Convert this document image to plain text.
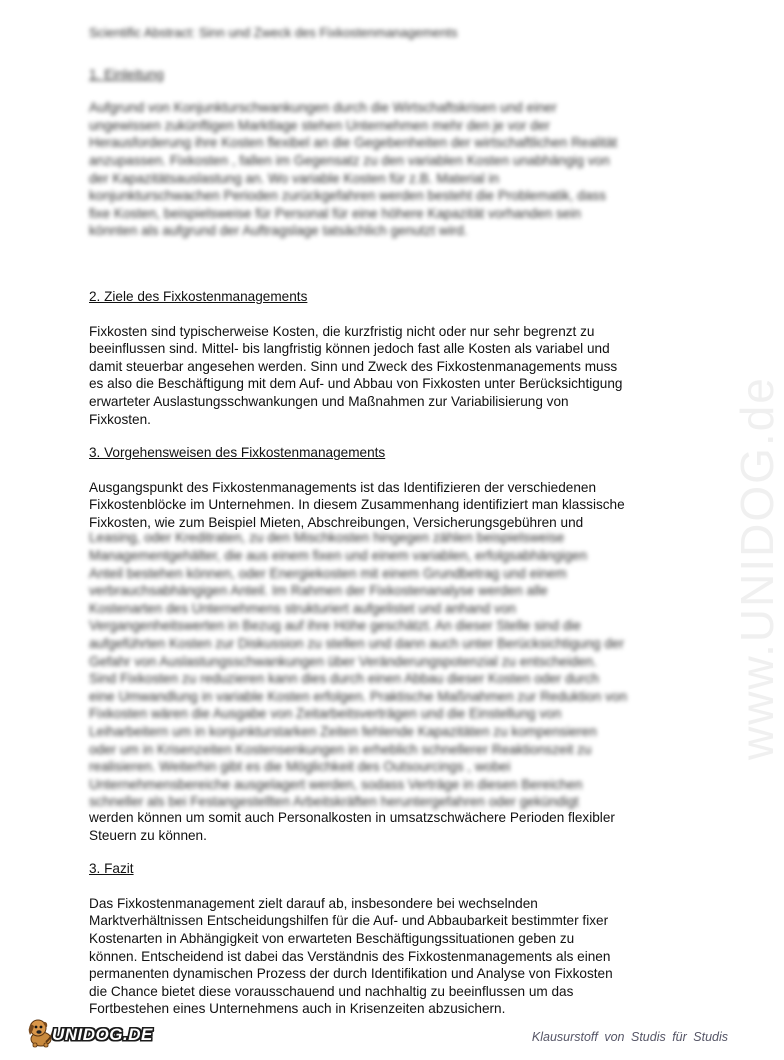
Scientific Abstract: Sinn und Zweck des Fixkostenmanagements
1. Einleitung

Aufgrund von Konjunkturschwankungen durch die Wirtschaftskrisen und einer
ungewissen zukünftigen Marktlage stehen Unternehmen mehr den je vor der
Herausforderung ihre Kosten flexibel an die Gegebenheiten der wirtschaftlichen Realität
anzupassen. Fixkosten , fallen im Gegensatz zu den variablen Kosten unabhängig von
der Kapazitätsauslastung an. Wo variable Kosten für z.B. Material in
konjunkturschwachen Perioden zurückgefahren werden besteht die Problematik, dass
fixe Kosten, beispielsweise für Personal für eine höhere Kapazität vorhanden sein
könnten als aufgrund der Auftragslage tatsächlich genutzt wird.

2. Ziele des Fixkostenmanagements

Fixkosten sind typischerweise Kosten, die kurzfristig nicht oder nur sehr begrenzt zu
beeinflussen sind. Mittel- bis langfristig können jedoch fast alle Kosten als variabel und
damit steuerbar angesehen werden. Sinn und Zweck des Fixkostenmanagements muss
es also die Beschäftigung mit dem Auf- und Abbau von Fixkosten unter Berücksichtigung
erwarteter Auslastungsschwankungen und Maßnahmen zur Variabilisierung von
Fixkosten.

3. Vorgehensweisen des Fixkostenmanagements

Ausgangspunkt des Fixkostenmanagements ist das Identifizieren der verschiedenen
Fixkostenblöcke im Unternehmen. In diesem Zusammenhang identifiziert man klassische
Fixkosten, wie zum Beispiel Mieten, Abschreibungen, Versicherungsgebühren und

Leasing, oder Kreditraten, zu den Mischkosten hingegen zählen beispielsweise
Managementgehälter, die aus einem fixen und einem variablen, erfolgsabhängigen
Anteil bestehen können, oder Energiekosten mit einem Grundbetrag und einem
verbrauchsabhängigen Anteil. Im Rahmen der Fixkostenanalyse werden alle
Kostenarten des Unternehmens strukturiert aufgelistet und anhand von
Vergangenheitswerten in Bezug auf ihre Höhe geschätzt. An dieser Stelle sind die
aufgeführten Kosten zur Diskussion zu stellen und dann auch unter Berücksichtigung der
Gefahr von Auslastungsschwankungen über Veränderungspotenzial zu entscheiden.
Sind Fixkosten zu reduzieren kann dies durch einen Abbau dieser Kosten oder durch
eine Umwandlung in variable Kosten erfolgen. Praktische Maßnahmen zur Reduktion von
Fixkosten wären die Ausgabe von Zeitarbeitsverträgen und die Einstellung von
Leiharbeitern um in konjunkturstarken Zeiten fehlende Kapazitäten zu kompensieren
oder um in Krisenzeiten Kostensenkungen in erheblich schnellerer Reaktionszeit zu
realisieren. Weiterhin gibt es die Möglichkeit des Outsourcings , wobei
Unternehmensbereiche ausgelagert werden, sodass Verträge in diesen Bereichen
schneller als bei Festangestellten Arbeitskräften heruntergefahren oder gekündigt

werden können um somit auch Personalkosten in umsatzschwächere Perioden flexibler
Steuern zu können.

3. Fazit

Das Fixkostenmanagement zielt darauf ab, insbesondere bei wechselnden
Marktverhältnissen Entscheidungshilfen für die Auf- und Abbaubarkeit bestimmter fixer
Kostenarten in Abhängigkeit von erwarteten Beschäftigungssituationen geben zu
können. Entscheidend ist dabei das Verständnis des Fixkostenmanagements als einen
permanenten dynamischen Prozess der durch Identifikation und Analyse von Fixkosten
die Chance bietet diese vorausschauend und nachhaltig zu beeinflussen um das
Fortbestehen eines Unternehmens auch in Krisenzeiten abzusichern.

www.UNIDOG.de
UNIDOG.DE	Klausurstoff von Studis für Studis
